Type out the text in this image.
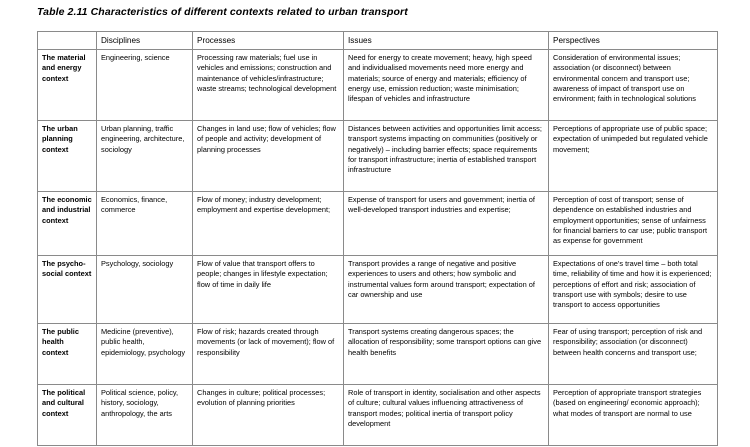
Table 2.11 Characteristics of different contexts related to urban transport
	Disciplines	Processes	Issues	Perspectives
The material and energy context	Engineering, science	Processing raw materials; fuel use in vehicles and emissions; construction and maintenance of vehicles/infrastructure; waste streams; technological development	Need for energy to create movement; heavy, high speed and individualised movements need more energy and materials; source of energy and materials; efficiency of energy use, emission reduction; waste minimisation; lifespan of vehicles and infrastructure	Consideration of environmental issues; association (or disconnect) between environmental concern and transport use; awareness of impact of transport use on environment; faith in technological solutions
The urban planning context	Urban planning, traffic engineering, architecture, sociology	Changes in land use; flow of vehicles; flow of people and activity; development of planning processes	Distances between activities and opportunities limit access; transport systems impacting on communities (positively or negatively) – including barrier effects; space requirements for transport infrastructure; inertia of established transport infrastructure	Perceptions of appropriate use of public space; expectation of unimpeded but regulated vehicle movement;
The economic and industrial context	Economics, finance, commerce	Flow of money; industry development; employment and expertise development;	Expense of transport for users and government; inertia of well-developed transport industries and expertise;	Perception of cost of transport; sense of dependence on established industries and employment opportunities; sense of unfairness for financial barriers to car use; public transport as expense for government
The psycho-social context	Psychology, sociology	Flow of value that transport offers to people; changes in lifestyle expectation; flow of time in daily life	Transport provides a range of negative and positive experiences to users and others; how symbolic and instrumental values form around transport; expectation of car ownership and use	Expectations of one's travel time – both total time, reliability of time and how it is experienced; perceptions of effort and risk; association of transport use with symbols; desire to use transport to access opportunities
The public health context	Medicine (preventive), public health, epidemiology, psychology	Flow of risk; hazards created through movements (or lack of movement); flow of responsibility	Transport systems creating dangerous spaces; the allocation of responsibility; some transport options can give health benefits	Fear of using transport; perception of risk and responsibility; association (or disconnect) between health concerns and transport use;
The political and cultural context	Political science, policy, history, sociology, anthropology, the arts	Changes in culture; political processes; evolution of planning priorities	Role of transport in identity, socialisation and other aspects of culture; cultural values influencing attractiveness of transport modes; political inertia of transport policy development	Perception of appropriate transport strategies (based on engineering/ economic approach); what modes of transport are normal to use
